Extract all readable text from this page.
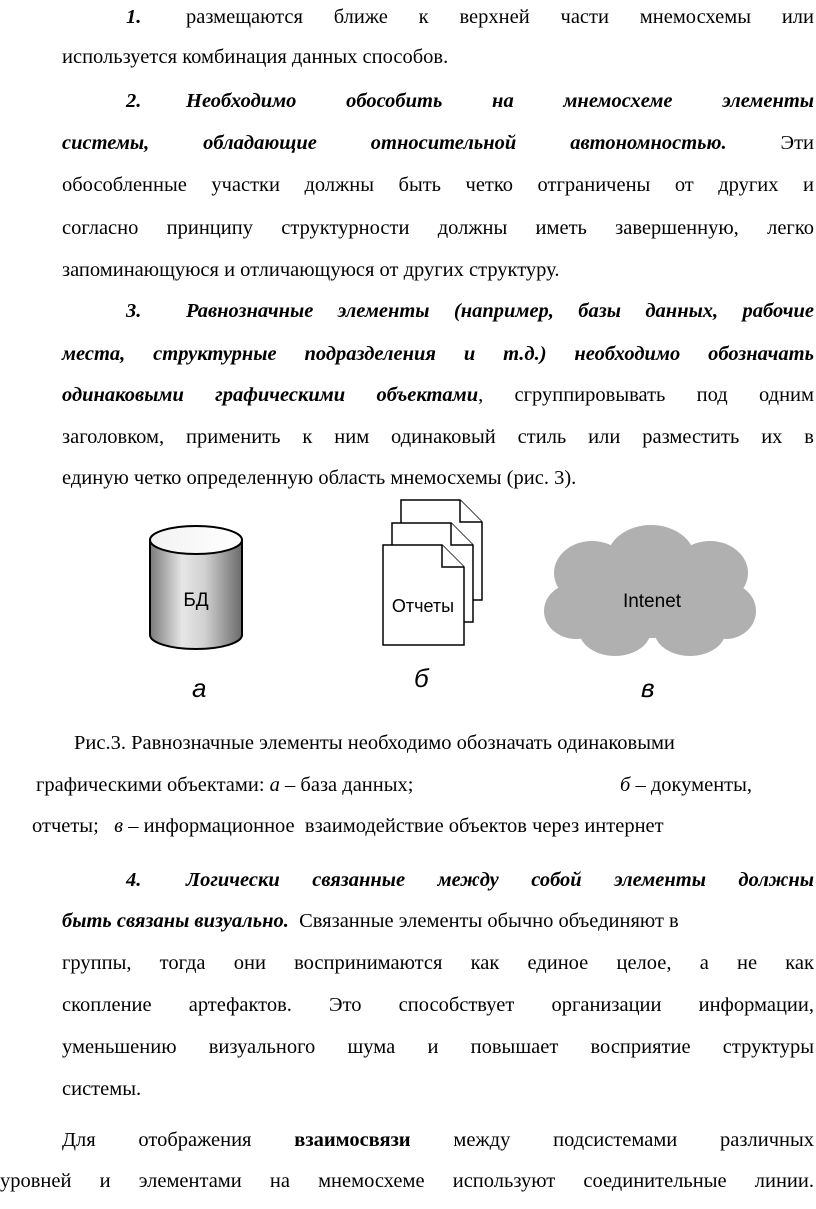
1. размещаются ближе к верхней части мнемосхемы или
используется комбинация данных способов.
2. Необходимо обособить на мнемосхеме элементы
системы, обладающие относительной автономностью. Эти
обособленные участки должны быть четко отграничены от других и
согласно принципу структурности должны иметь завершенную, легко
запоминающуюся и отличающуюся от других структуру.
3. Равнозначные элементы (например, базы данных, рабочие
места, структурные подразделения и т.д.) необходимо обозначать
одинаковыми графическими объектами, сгруппировывать под одним
заголовком, применить к ним одинаковый стиль или разместить их в
единую четко определенную область мнемосхемы (рис. 3).
БД	Отчеты	Intenet
а	б	в
Рис.3. Равнозначные элементы необходимо обозначать одинаковыми
графическими объектами: а – база данных;	б – документы,
отчеты;   в – информационное  взаимодействие объектов через интернет
4. Логически связанные между собой элементы должны
быть связаны визуально.  Связанные элементы обычно объединяют в
группы, тогда они воспринимаются как единое целое, а не как
скопление артефактов. Это способствует организации информации,
уменьшению визуального шума и повышает восприятие структуры
системы.
Для отображения взаимосвязи между подсистемами различных
уровней и элементами на мнемосхеме используют соединительные линии.
